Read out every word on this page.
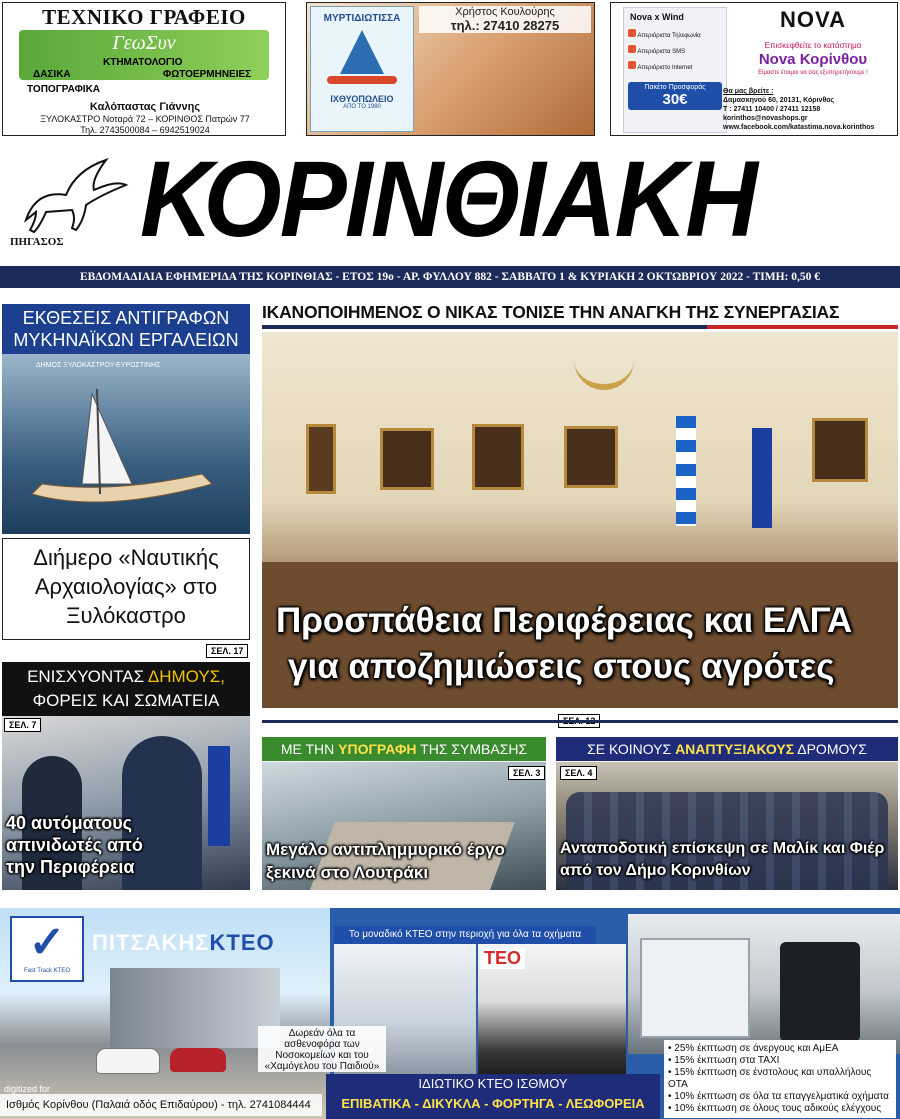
ΤΕΧΝΙΚΟ ΓΡΑΦΕΙΟ
ΓεωΣυν
ΚΤΗΜΑΤΟΛΟΓΙΟ
ΔΑΣΙΚΑ	ΦΩΤΟΕΡΜΗΝΕΙΕΣ
ΤΟΠΟΓΡΑΦΙΚΑ
Καλόπαστας Γιάννης
ΞΥΛΟΚΑΣΤΡΟ Νοταρά 72 – ΚΟΡΙΝΘΟΣ Πατρών 77
Τηλ. 2743500084 – 6942519024
ΜΥΡΤΙΔΙΩΤΙΣΣΑ
ΙΧΘΥΟΠΩΛΕΙΟ
ΑΠΟ ΤΟ 1980
Χρήστος Κουλούρης
τηλ.: 27410 28275
Nova x Wind
Απεριόριστα Τηλεφωνία
Απεριόριστα SMS
Απεριόριστο Internet
Πακέτο Προσφοράς
30€
NOVA
Επισκεφθείτε το κατάστημα
Nova Κορίνθου
Είμαστε έτοιμοι να σας εξυπηρετήσουμε !
Θα μας βρείτε :
Δαμασκηνού 60, 20131, Κόρινθος
Τ : 27411 10400 / 27411 12158
korinthos@novashops.gr
www.facebook.com/katastima.nova.korinthos
ΠΗΓΑΣΟΣ ΚΟΡΙΝΘΙΑΚΗ
ΕΒΔΟΜΑΔΙΑΙΑ ΕΦΗΜΕΡΙΔΑ ΤΗΣ ΚΟΡΙΝΘΙΑΣ - ΕΤΟΣ 19ο - ΑΡ. ΦΥΛΛΟΥ 882 - ΣΑΒΒΑΤΟ 1 & ΚΥΡΙΑΚΗ 2 ΟΚΤΩΒΡΙΟΥ 2022 - ΤΙΜΗ: 0,50 €
ΕΚΘΕΣΕΙΣ ΑΝΤΙΓΡΑΦΩΝ ΜΥΚΗΝΑΪΚΩΝ ΕΡΓΑΛΕΙΩΝ
ΔΗΜΟΣ ΞΥΛΟΚΑΣΤΡΟΥ-ΕΥΡΩΣΤΙΝΗΣ
Διήμερο «Ναυτικής Αρχαιολογίας» στο Ξυλόκαστρο
ΣΕΛ. 17
ΕΝΙΣΧΥΟΝΤΑΣ ΔΗΜΟΥΣ,
ΦΟΡΕΙΣ ΚΑΙ ΣΩΜΑΤΕΙΑ
ΣΕΛ. 7
40 αυτόματους απινιδωτές από την Περιφέρεια
ΙΚΑΝΟΠΟΙΗΜΕΝΟΣ Ο ΝΙΚΑΣ ΤΟΝΙΣΕ ΤΗΝ ΑΝΑΓΚΗ ΤΗΣ ΣΥΝΕΡΓΑΣΙΑΣ
Προσπάθεια Περιφέρειας και ΕΛΓΑ
για αποζημιώσεις στους αγρότες
ΜΕ ΤΗΝ ΥΠΟΓΡΑΦΗ ΤΗΣ ΣΥΜΒΑΣΗΣ
ΣΕΛ. 3
Μεγάλο αντιπλημμυρικό έργο ξεκινά στο Λουτράκι
ΣΕ ΚΟΙΝΟΥΣ ΑΝΑΠΤΥΞΙΑΚΟΥΣ ΔΡΟΜΟΥΣ
ΣΕΛ. 4
Ανταποδοτική επίσκεψη σε Μαλίκ και Φιέρ από τον Δήμο Κορινθίων
✓
Fast Track ΚΤΕΟ
ΠΙΤΣΑΚΗΣΚΤΕΟ	Το μοναδικό ΚΤΕΟ στην περιοχή για όλα τα οχήματα
ΤΕΟ
Δωρεάν όλα τα ασθενοφόρα των Νοσοκομείων και του «Χαμόγελου του Παιδιού»
• 25% έκπτωση σε άνεργους και ΑμΕΑ
• 15% έκπτωση στα ΤΑΧΙ
• 15% έκπτωση σε ένστολους και υπαλλήλους ΟΤΑ
• 10% έκπτωση σε όλα τα επαγγελματικά οχήματα
• 10% έκπτωση σε όλους τους αδικούς ελέγχους
Ισθμός Κορίνθου (Παλαιά οδός Επιδαύρου) - τηλ. 2741084444
digitized for	ΙΔΙΩΤΙΚΟ ΚΤΕΟ ΙΣΘΜΟΥ
ΕΠΙΒΑΤΙΚΑ - ΔΙΚΥΚΛΑ - ΦΟΡΤΗΓΑ - ΛΕΩΦΟΡΕΙΑ
